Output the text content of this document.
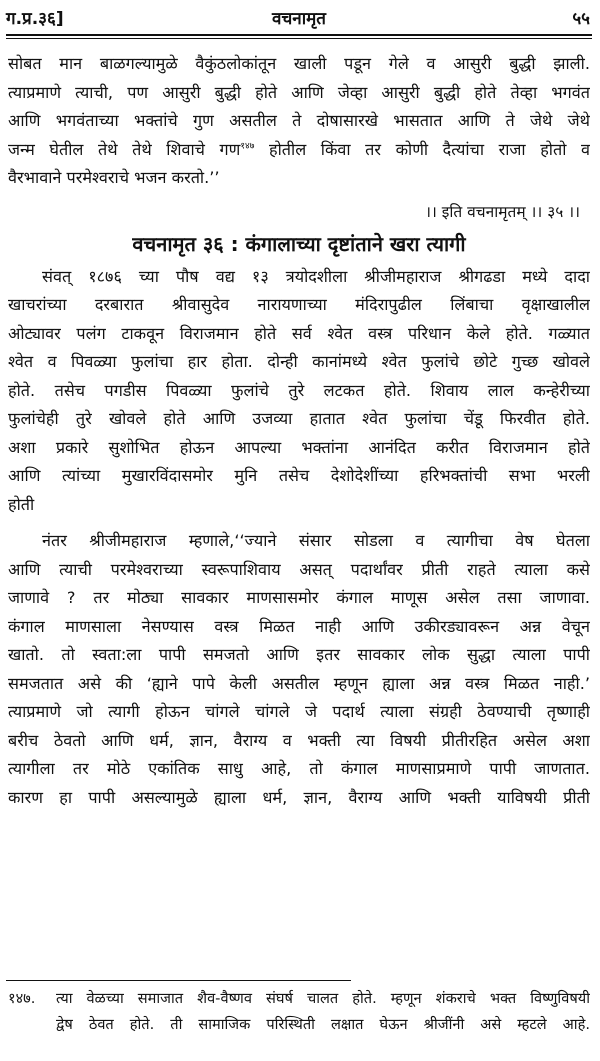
ग.प्र.३६]	वचनामृत	५५
सोबत मान बाळगल्यामुळे वैकुंठलोकांतून खाली पडून गेले व आसुरी बुद्धी झाली.
त्याप्रमाणे त्याची, पण आसुरी बुद्धी होते आणि जेव्हा आसुरी बुद्धी होते तेव्हा भगवंत
आणि भगवंताच्या भक्तांचे गुण असतील ते दोषासारखे भासतात आणि ते जेथे जेथे
जन्म घेतील तेथे तेथे शिवाचे गण$^{१४७}$ होतील किंवा तर कोणी दैत्यांचा राजा होतो व
वैरभावाने परमेश्वराचे भजन करतो.’’
।। इति वचनामृतम् ।। ३५ ।।
वचनामृत ३६ : कंगालाच्या दृष्टांताने खरा त्यागी
संवत् १८७६ च्या पौष वद्य १३ त्रयोदशीला श्रीजीमहाराज श्रीगढडा मध्ये दादा
खाचरांच्या दरबारात श्रीवासुदेव नारायणाच्या मंदिरापुढील लिंबाचा वृक्षाखालील
ओट्यावर पलंग टाकवून विराजमान होते सर्व श्वेत वस्त्र परिधान केले होते. गळ्यात
श्वेत व पिवळ्या फुलांचा हार होता. दोन्ही कानांमध्ये श्वेत फुलांचे छोटे गुच्छ खोवले
होते. तसेच पगडीस पिवळ्या फुलांचे तुरे लटकत होते. शिवाय लाल कन्हेरीच्या
फुलांचेही तुरे खोवले होते आणि उजव्या हातात श्वेत फुलांचा चेंडू फिरवीत होते.
अशा प्रकारे सुशोभित होऊन आपल्या भक्तांना आनंदित करीत विराजमान होते
आणि त्यांच्या मुखारविंदासमोर मुनि तसेच देशोदेशींच्या हरिभक्तांची सभा भरली
होती
नंतर श्रीजीमहाराज म्हणाले,‘‘ज्याने संसार सोडला व त्यागीचा वेष घेतला
आणि त्याची परमेश्वराच्या स्वरूपाशिवाय असत् पदार्थांवर प्रीती राहते त्याला कसे
जाणावे ? तर मोठ्या सावकार माणसासमोर कंगाल माणूस असेल तसा जाणावा.
कंगाल माणसाला नेसण्यास वस्त्र मिळत नाही आणि उकीरड्यावरून अन्न वेचून
खातो. तो स्वता:ला पापी समजतो आणि इतर सावकार लोक सुद्धा त्याला पापी
समजतात असे की ‘ह्याने पापे केली असतील म्हणून ह्याला अन्न वस्त्र मिळत नाही.’
त्याप्रमाणे जो त्यागी होऊन चांगले चांगले जे पदार्थ त्याला संग्रही ठेवण्याची तृष्णाही
बरीच ठेवतो आणि धर्म, ज्ञान, वैराग्य व भक्ती त्या विषयी प्रीतीरहित असेल अशा
त्यागीला तर मोठे एकांतिक साधु आहे, तो कंगाल माणसाप्रमाणे पापी जाणतात.
कारण हा पापी असल्यामुळे ह्याला धर्म, ज्ञान, वैराग्य आणि भक्ती याविषयी प्रीती
१४७. त्या वेळच्या समाजात शैव-वैष्णव संघर्ष चालत होते. म्हणून शंकराचे भक्त विष्णुविषयी
द्वेष ठेवत होते. ती सामाजिक परिस्थिती लक्षात घेऊन श्रीजींनी असे म्हटले आहे.
